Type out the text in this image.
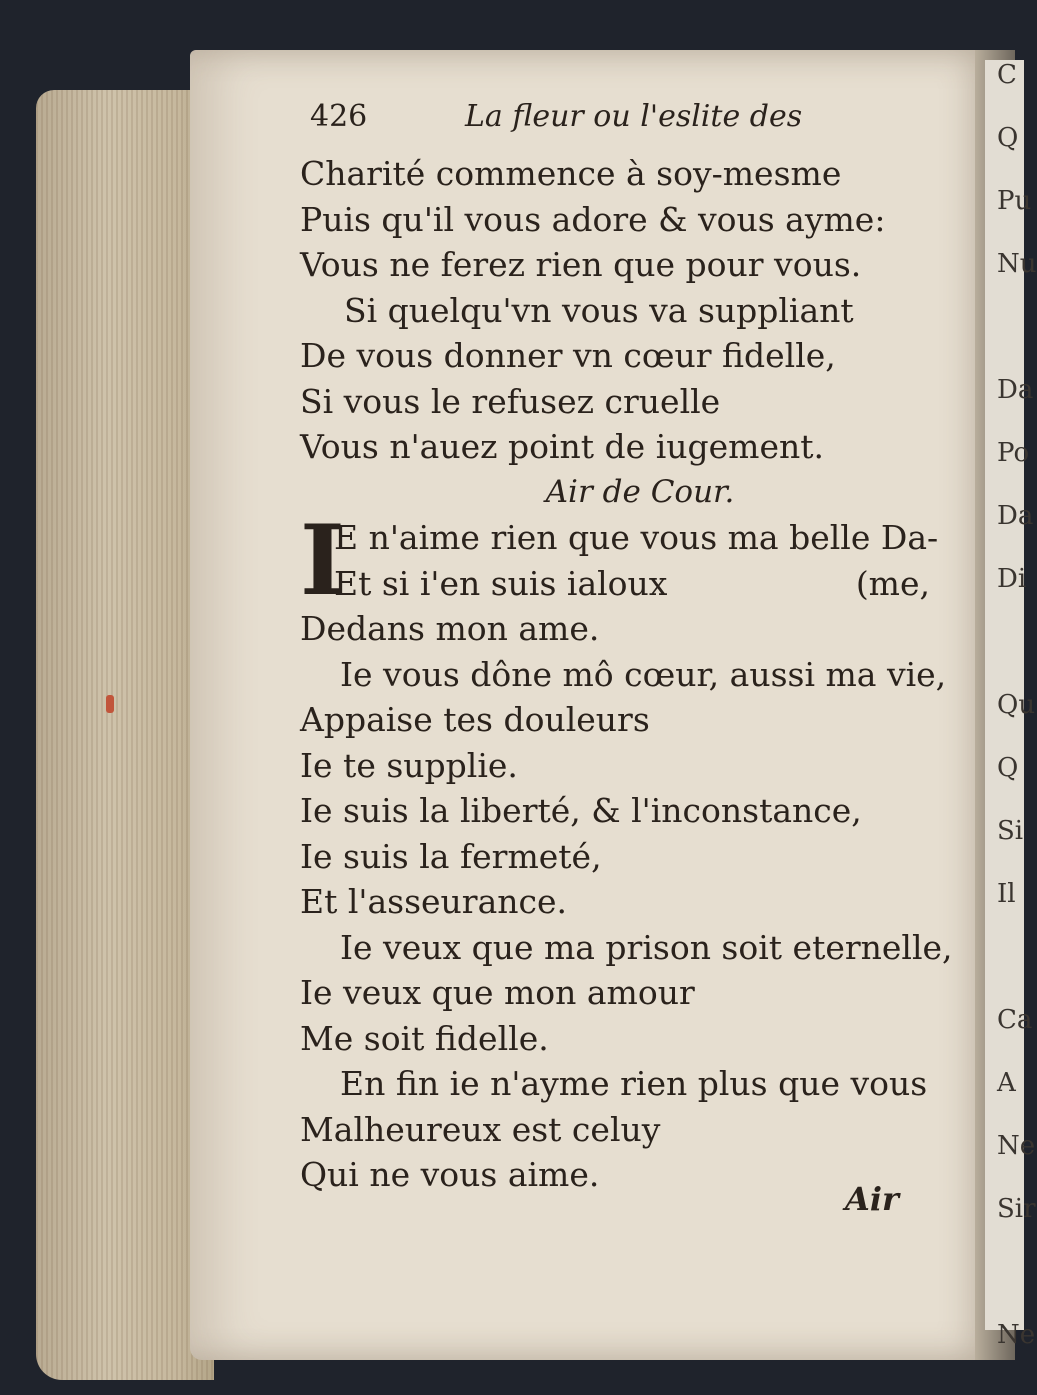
C
Q
Pu
Nu
Da
Po
Da
Di
Qu
Q
Si
Il
Ca
A
Ne
Sir
Ne
426	La fleur ou l'eslite des
Charité commence à soy-mesme
Puis qu'il vous adore & vous ayme:
Vous ne ferez rien que pour vous.
Si quelqu'vn vous va suppliant
De vous donner vn cœur fidelle,
Si vous le refusez cruelle
Vous n'auez point de iugement.
Air de Cour.
I
E n'aime rien que vous ma belle Da-
Et si i'en suis ialoux	(me,
Dedans mon ame.
Ie vous dône mô cœur, aussi ma vie,
Appaise tes douleurs
Ie te supplie.
Ie suis la liberté, & l'inconstance,
Ie suis la fermeté,
Et l'asseurance.
Ie veux que ma prison soit eternelle,
Ie veux que mon amour
Me soit fidelle.
En fin ie n'ayme rien plus que vous
Malheureux est celuy
Qui ne vous aime.
Air
